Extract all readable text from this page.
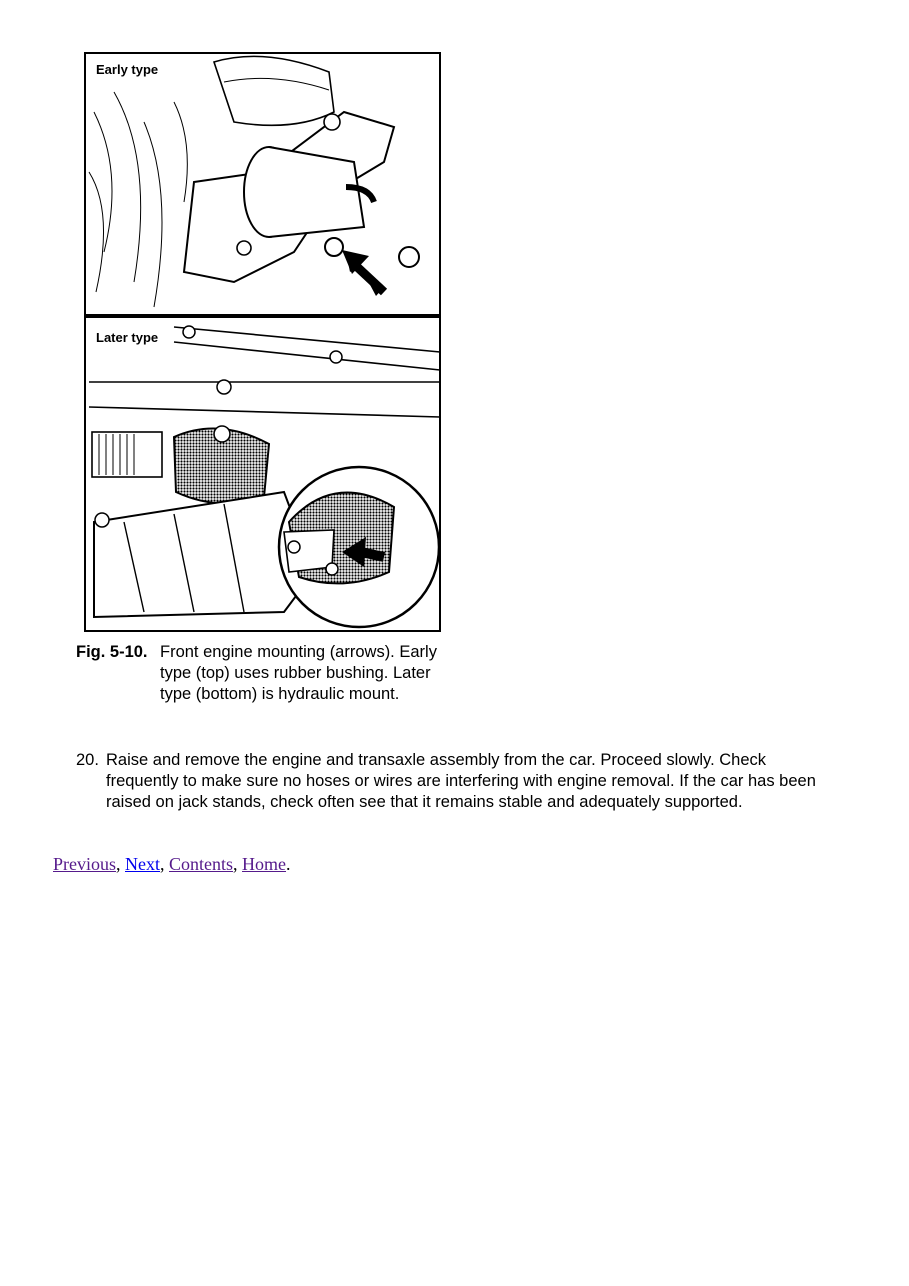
Early type
Later type
Fig. 5-10. Front engine mounting (arrows). Early type (top) uses rubber bushing. Later type (bottom) is hydraulic mount.
20. Raise and remove the engine and transaxle assembly from the car. Proceed slowly. Check frequently to make sure no hoses or wires are interfering with engine removal. If the car has been raised on jack stands, check often see that it remains stable and adequately supported.
Previous, Next, Contents, Home.
